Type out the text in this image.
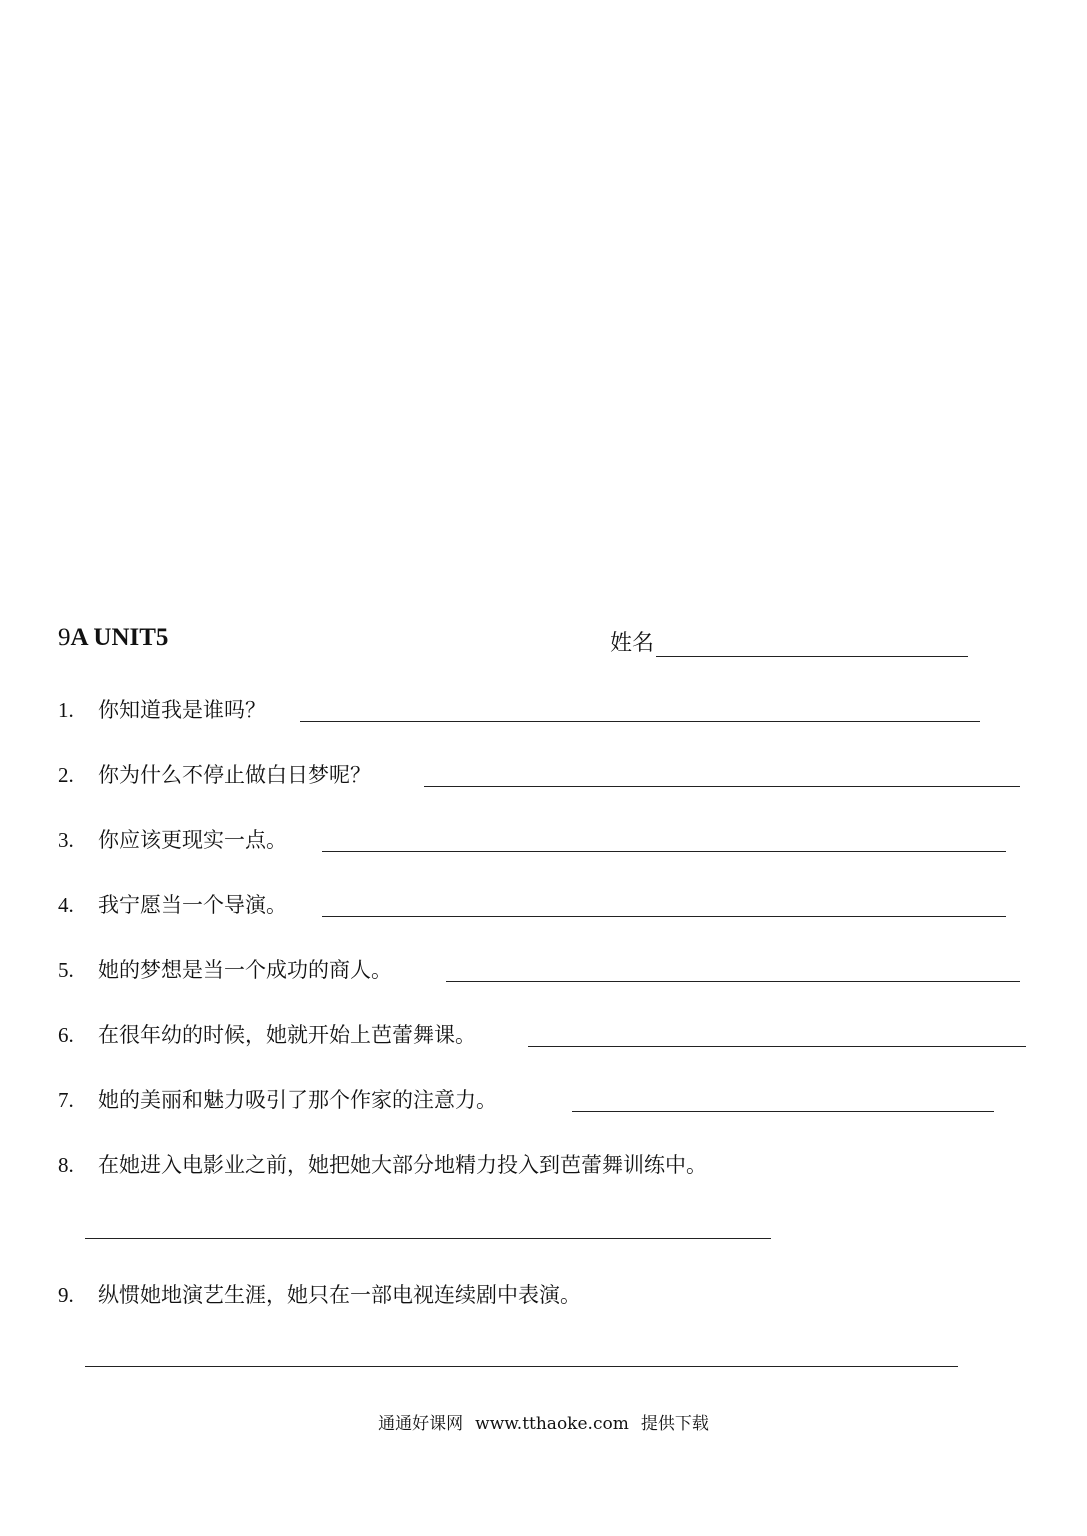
9A UNIT5	姓名
1. 你知道我是谁吗？
2. 你为什么不停止做白日梦呢？
3. 你应该更现实一点。
4. 我宁愿当一个导演。
5. 她的梦想是当一个成功的商人。
6. 在很年幼的时候，她就开始上芭蕾舞课。
7. 她的美丽和魅力吸引了那个作家的注意力。
8. 在她进入电影业之前，她把她大部分地精力投入到芭蕾舞训练中。
9. 纵惯她地演艺生涯，她只在一部电视连续剧中表演。
通通好课网 www.tthaoke.com 提供下载
